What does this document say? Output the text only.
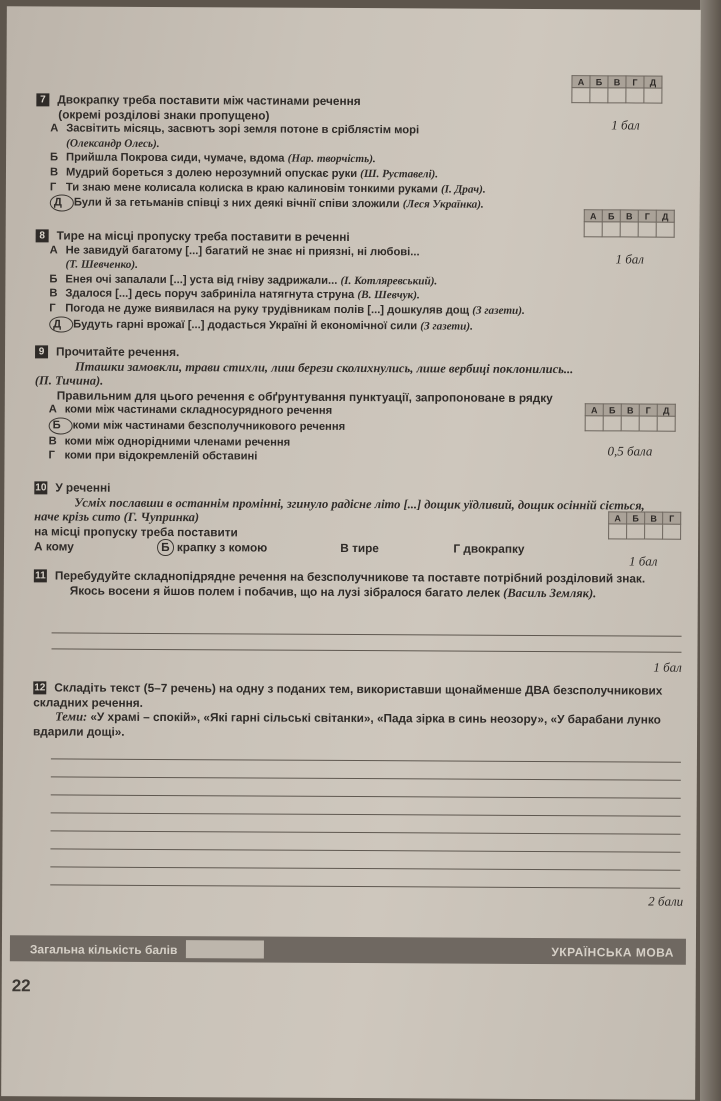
7 Двокрапку треба поставити між частинами речення
(окремі розділові знаки пропущено)
А Засвітить місяць, засвютъ зорі земля потоне в сріблястім морі
(Олександр Олесь).
Б Прийшла Покрова сиди, чумаче, вдома (Нар. творчість).
В Мудрий бореться з долею нерозумний опускає руки (Ш. Руставелі).
Г Ти знаю мене колисала колиска в краю калиновім тонкими руками (І. Драч).
Д Були й за гетьманів співці з них деякі вічнії співи зложили (Леся Українка).
А	Б	В	Г	Д

1 бал
8 Тире на місці пропуску треба поставити в реченні

А Не завидуй багатому [...] багатий не знає ні приязні, ні любові...
(Т. Шевченко).
Б Енея очі запалали [...] уста від гніву задрижали... (І. Котляревський).
В Здалося [...] десь поруч забриніла натягнута струна (В. Шевчук).
Г Погода не дуже виявилася на руку трудівникам полів [...] дошкуляв дощ (З газети).
Д Будуть гарні врожаї [...] додасться Україні й економічної сили (З газети).
А	Б	В	Г	Д

1 бал
9 Прочитайте речення.
Пташки замовкли, трави стихли, лиш берези сколихнулись, лише вербиці поклонились...
(П. Тичина).
Правильним для цього речення є обґрунтування пунктуації, запропоноване в рядку
А коми між частинами складносурядного речення
Б коми між частинами безсполучникового речення
В коми між однорідними членами речення
Г коми при відокремленій обставині
А	Б	В	Г	Д

0,5 бала
10 У реченні
Усміх пославши в останнім промінні, згинуло радісне літо [...] дощик уїдливий, дощик осінній сіється, наче крізь сито (Г. Чупринка)
на місці пропуску треба поставити
А кому	Б крапку з комою	В тире	Г двокрапку
А	Б	В	Г

1 бал
11 Перебудуйте складнопідрядне речення на безсполучникове та поставте потрібний розділовий знак.
Якось восени я йшов полем і побачив, що на лузі зібралося багато лелек (Василь Земляк).
1 бал
12 Складіть текст (5–7 речень) на одну з поданих тем, використавши щонайменше ДВА безсполучникових складних речення.
Теми: «У храмі – спокій», «Які гарні сільські світанки», «Пада зірка в синь неозору», «У барабани лунко вдарили дощі».
2 бали
Загальна кількість балів	УКРАЇНСЬКА МОВА
22
